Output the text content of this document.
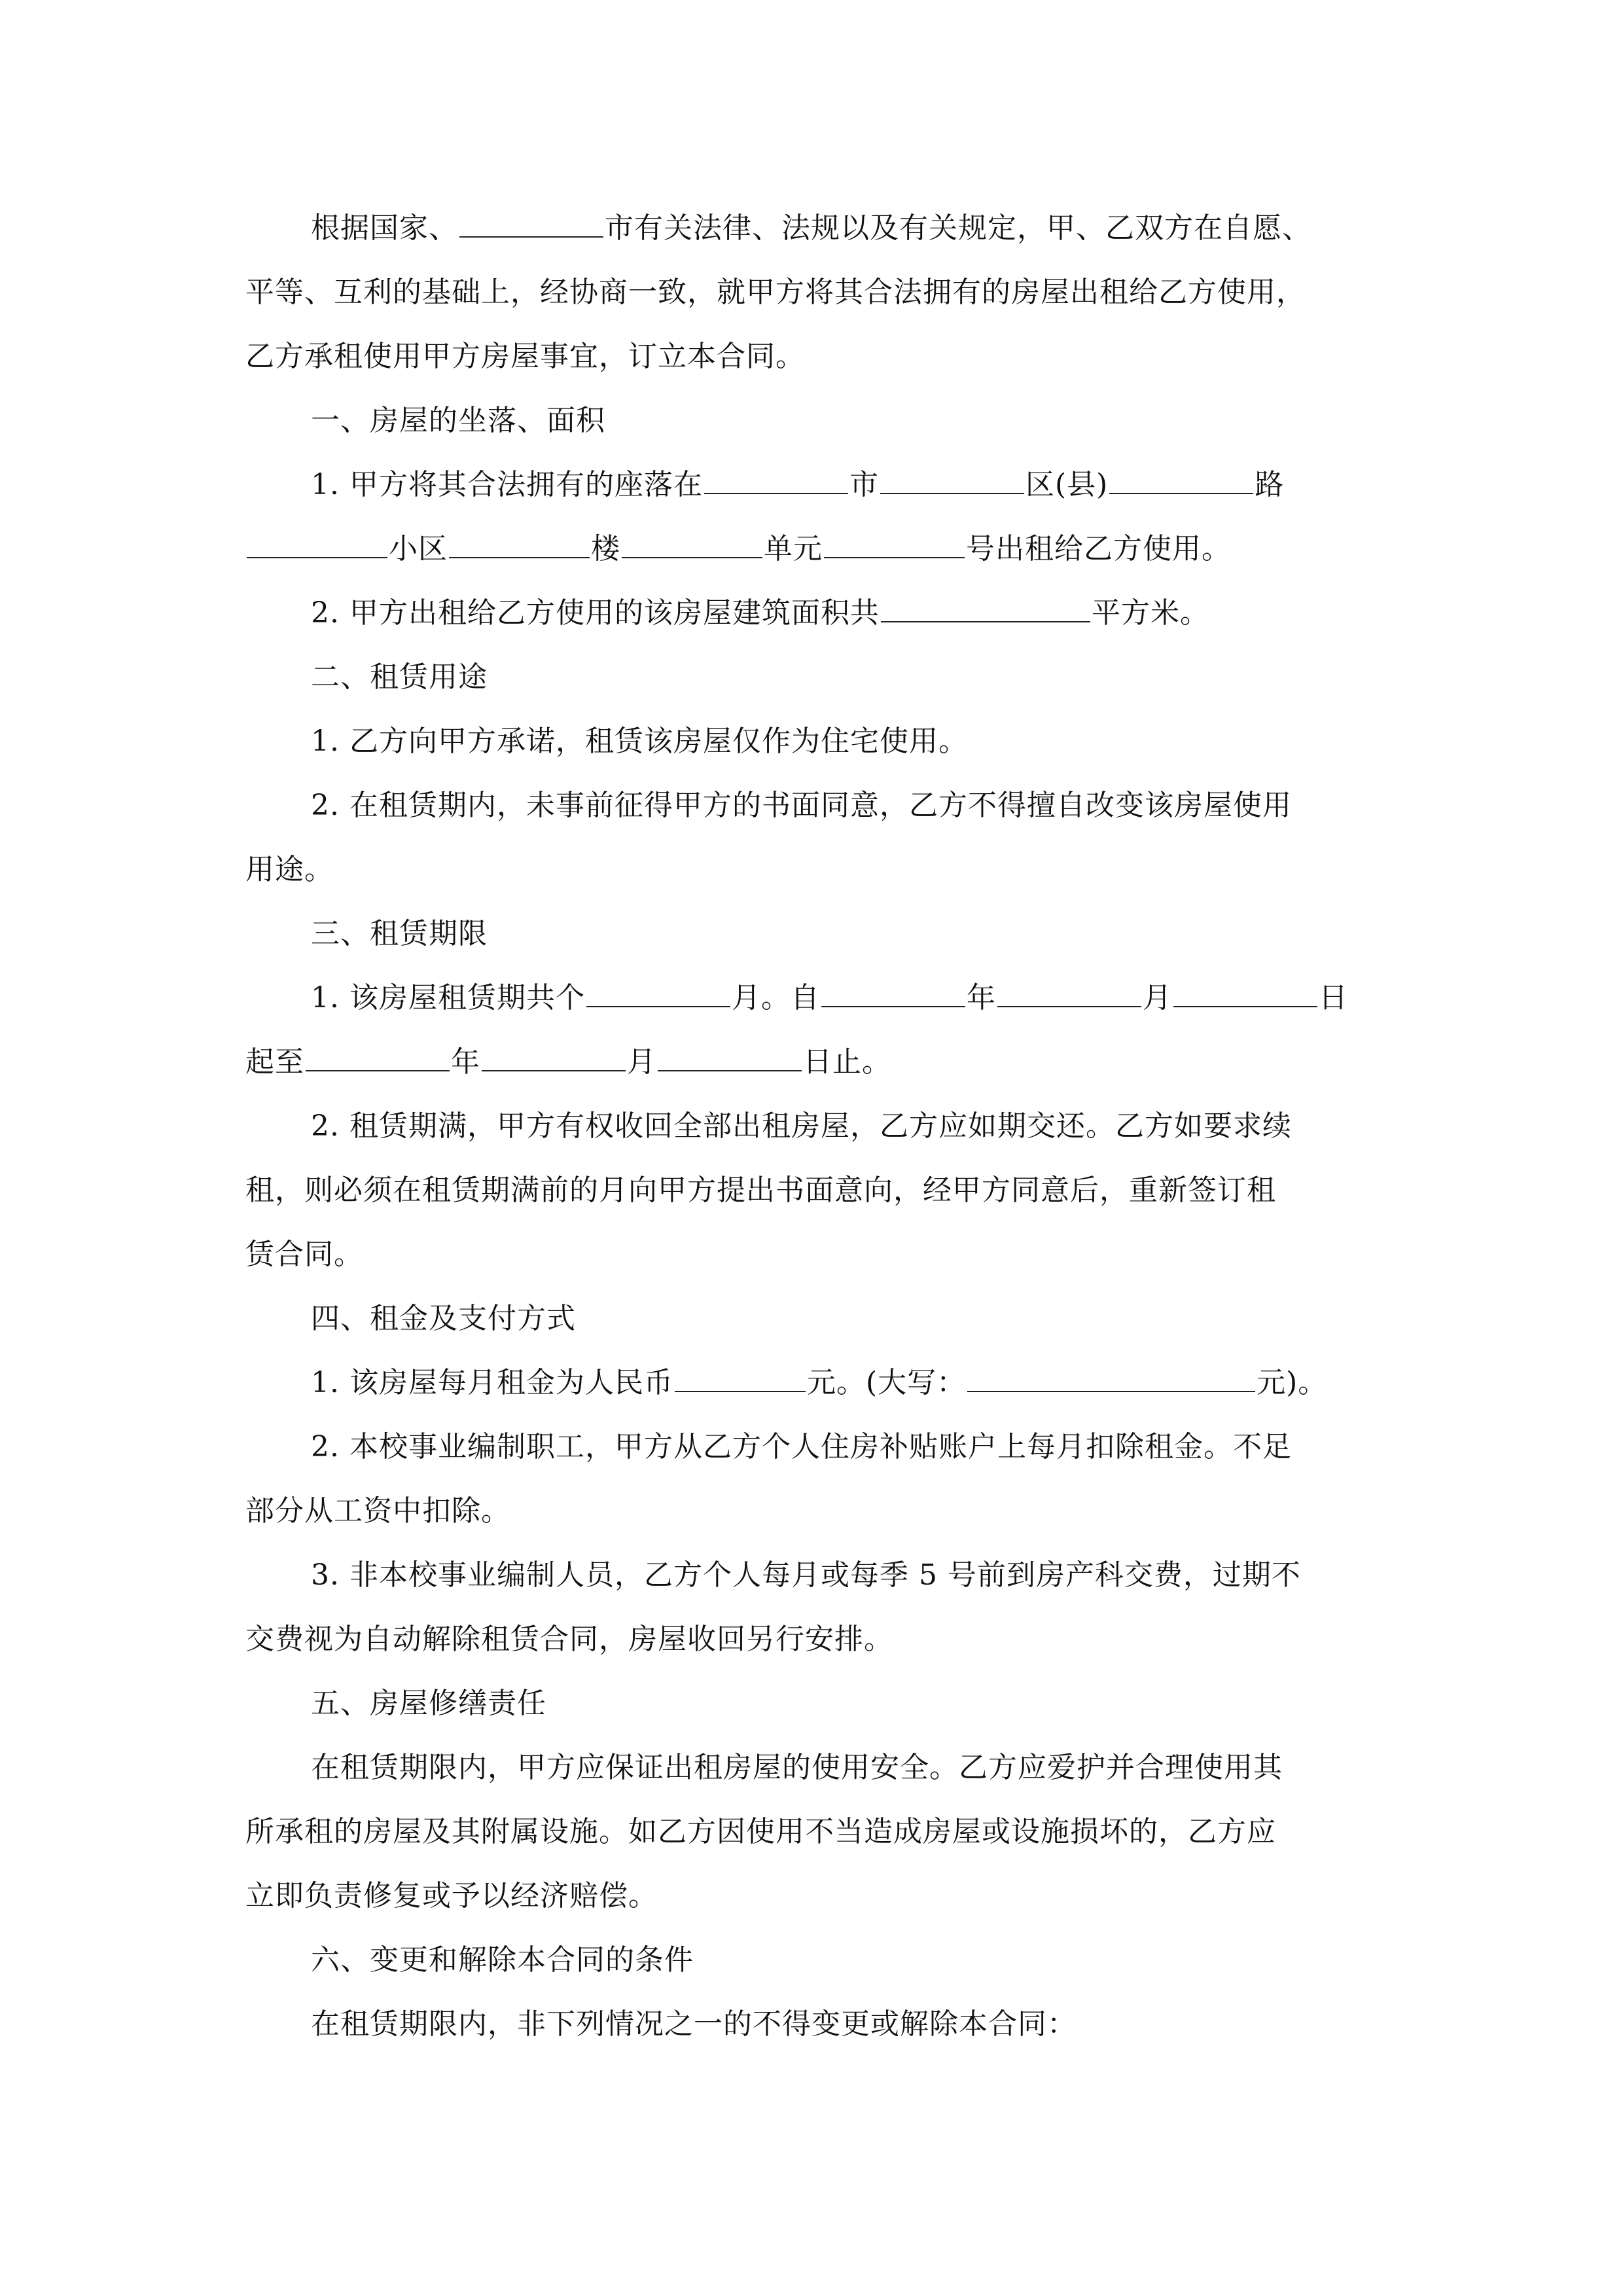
根据国家、	市有关法律、法规以及有关规定，甲、乙双方在自愿、
平等、互利的基础上，经协商一致，就甲方将其合法拥有的房屋出租给乙方使用，
乙方承租使用甲方房屋事宜，订立本合同。
一、房屋的坐落、面积
1. 甲方将其合法拥有的座落在	市	区(县)	路
小区	楼	单元	号出租给乙方使用。
2. 甲方出租给乙方使用的该房屋建筑面积共	平方米。
二、租赁用途
1. 乙方向甲方承诺，租赁该房屋仅作为住宅使用。
2. 在租赁期内，未事前征得甲方的书面同意，乙方不得擅自改变该房屋使用
用途。
三、租赁期限
1. 该房屋租赁期共个	月。自	年	月	日
起至	年	月	日止。
2. 租赁期满，甲方有权收回全部出租房屋，乙方应如期交还。乙方如要求续
租，则必须在租赁期满前的月向甲方提出书面意向，经甲方同意后，重新签订租
赁合同。
四、租金及支付方式
1. 该房屋每月租金为人民币	元。(大写：	元)。
2. 本校事业编制职工，甲方从乙方个人住房补贴账户上每月扣除租金。不足
部分从工资中扣除。
3. 非本校事业编制人员，乙方个人每月或每季 5 号前到房产科交费，过期不
交费视为自动解除租赁合同，房屋收回另行安排。
五、房屋修缮责任
在租赁期限内，甲方应保证出租房屋的使用安全。乙方应爱护并合理使用其
所承租的房屋及其附属设施。如乙方因使用不当造成房屋或设施损坏的，乙方应
立即负责修复或予以经济赔偿。
六、变更和解除本合同的条件
在租赁期限内，非下列情况之一的不得变更或解除本合同：
